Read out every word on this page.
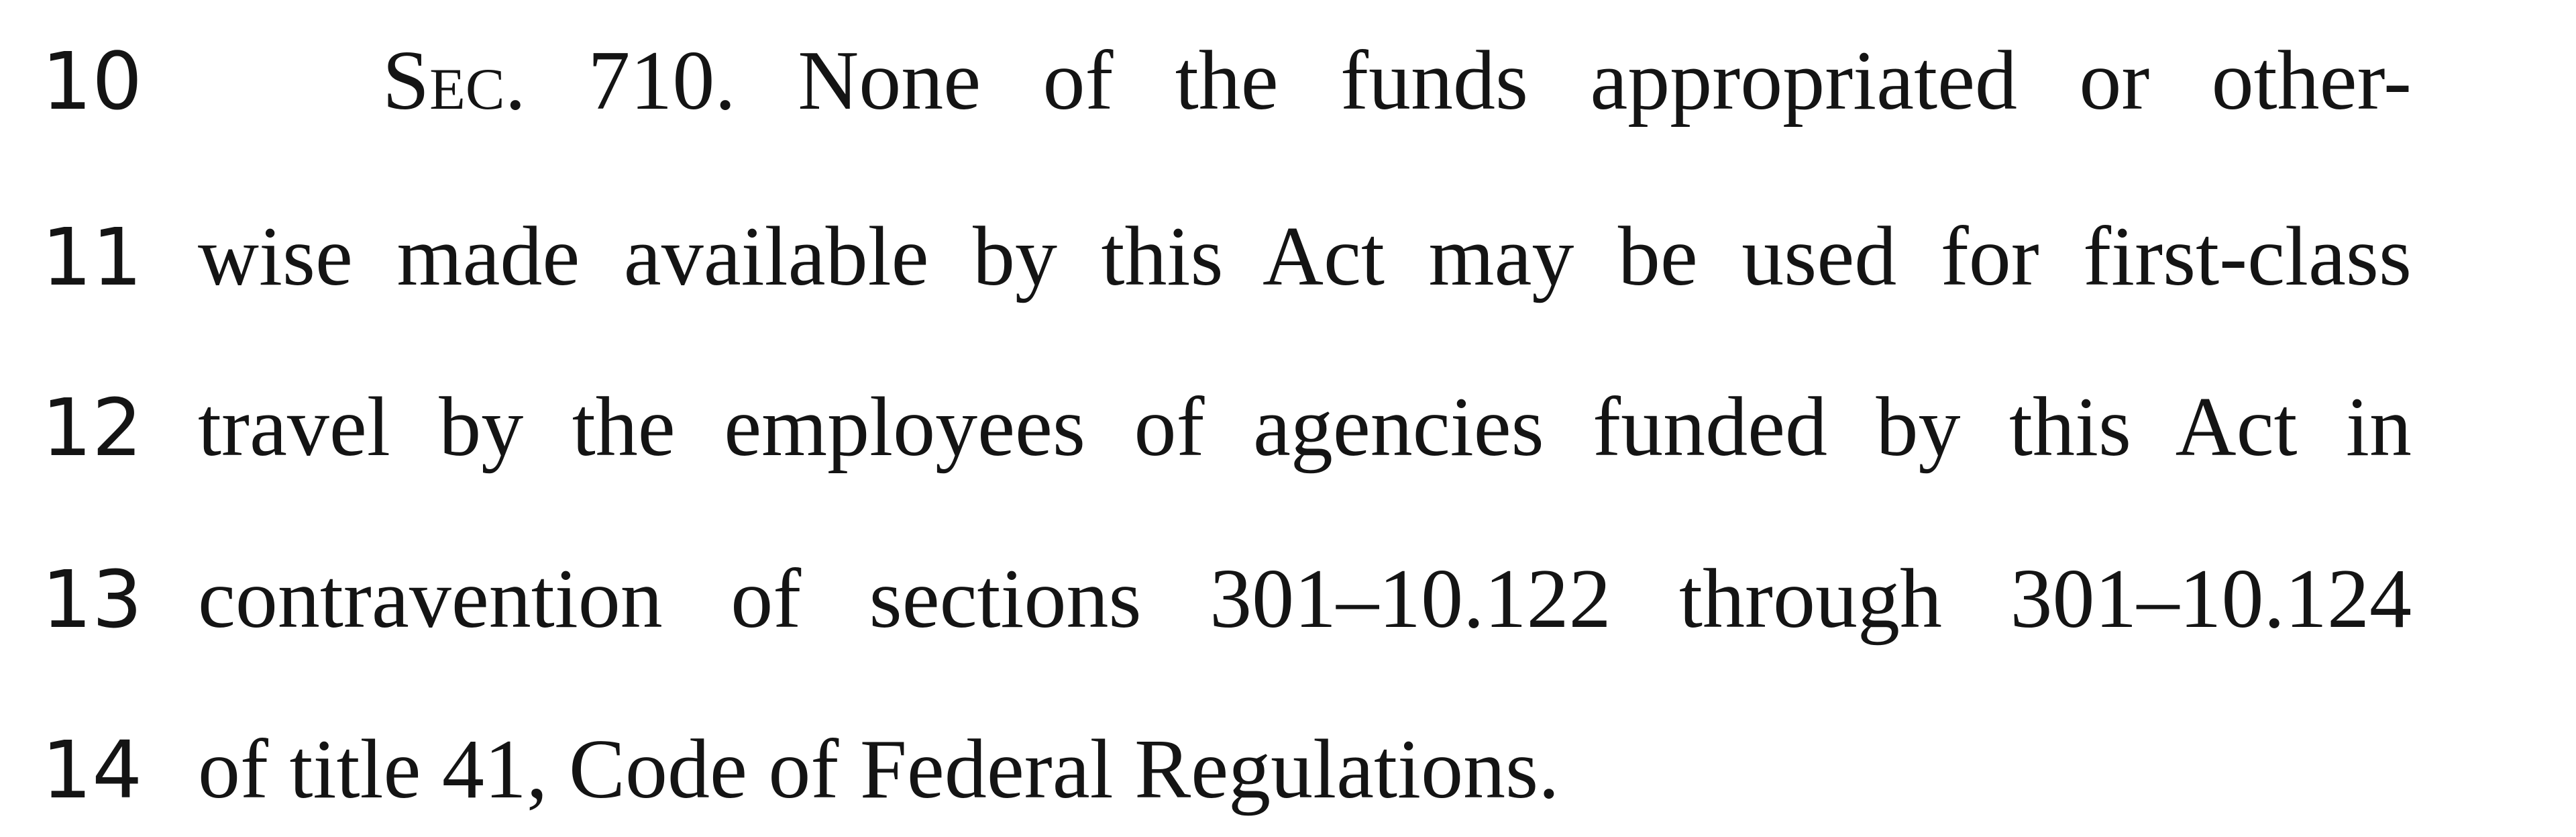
10	Sec. 710. None of the funds appropriated or other-
11 wise made available by this Act may be used for first-class
12 travel by the employees of agencies funded by this Act in
13 contravention of sections 301–10.122 through 301–10.124
14 of title 41, Code of Federal Regulations.
